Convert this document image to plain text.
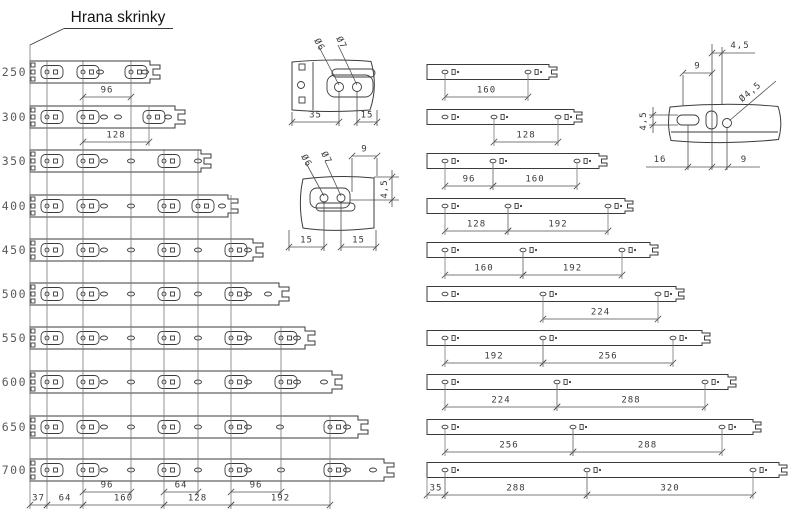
96
128
96	64	96
37 64	160	128	192
160
128
96	160
128	192
160	192
224
192	256
224	288
256	288
35	288	320
Ø6 Ø7
35	15
Ø6 Ø7
9
4,5
15	15
4,5
9
4,5
Ø4,5
16	9
250
300
350
400
450
500
550
600
650
700
Hrana skrinky
